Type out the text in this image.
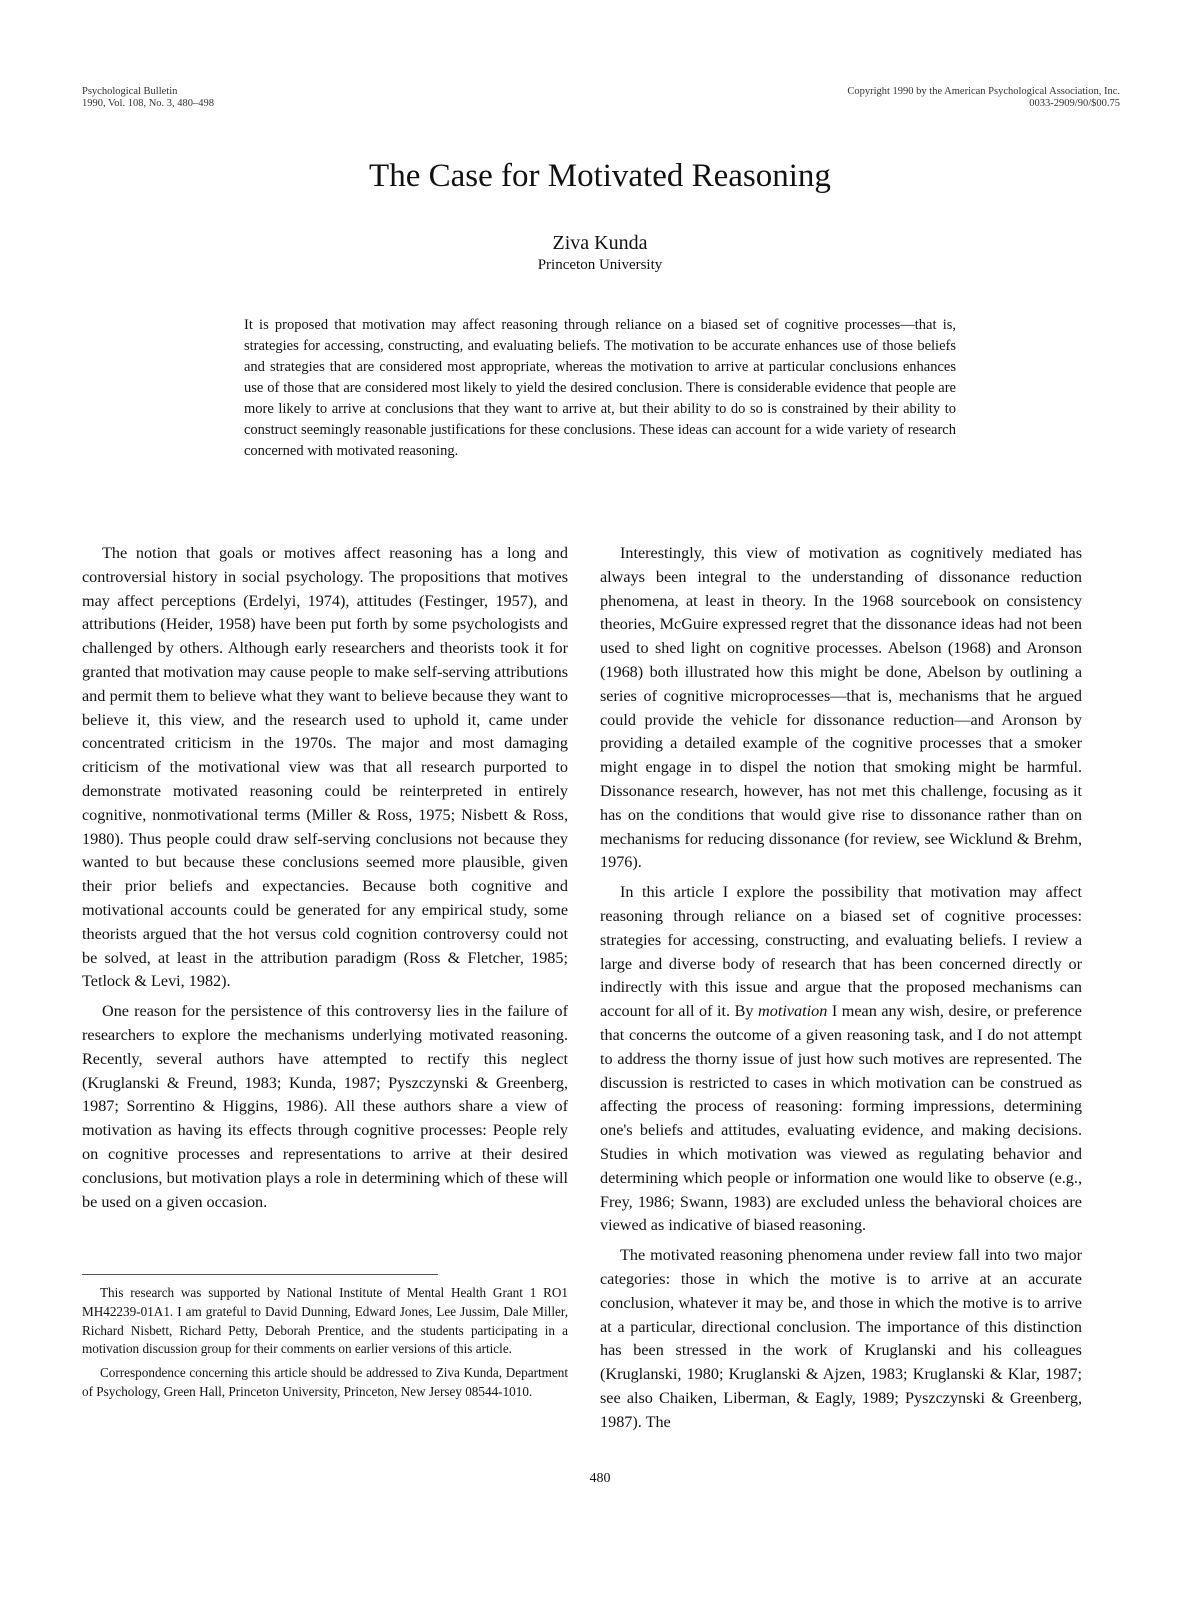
Psychological Bulletin
1990, Vol. 108, No. 3, 480–498
Copyright 1990 by the American Psychological Association, Inc.
0033-2909/90/$00.75
The Case for Motivated Reasoning
Ziva Kunda
Princeton University

It is proposed that motivation may affect reasoning through reliance on a biased set of cognitive processes—that is, strategies for accessing, constructing, and evaluating beliefs. The motivation to be accurate enhances use of those beliefs and strategies that are considered most appropriate, whereas the motivation to arrive at particular conclusions enhances use of those that are considered most likely to yield the desired conclusion. There is considerable evidence that people are more likely to arrive at conclusions that they want to arrive at, but their ability to do so is constrained by their ability to construct seemingly reasonable justifications for these conclusions. These ideas can account for a wide variety of research concerned with motivated reasoning.

The notion that goals or motives affect reasoning has a long and controversial history in social psychology. The propositions that motives may affect perceptions (Erdelyi, 1974), attitudes (Festinger, 1957), and attributions (Heider, 1958) have been put forth by some psychologists and challenged by others. Although early researchers and theorists took it for granted that motivation may cause people to make self-serving attributions and permit them to believe what they want to believe because they want to believe it, this view, and the research used to uphold it, came under concentrated criticism in the 1970s. The major and most damaging criticism of the motivational view was that all research purported to demonstrate motivated reasoning could be reinterpreted in entirely cognitive, nonmotivational terms (Miller & Ross, 1975; Nisbett & Ross, 1980). Thus people could draw self-serving conclusions not because they wanted to but because these conclusions seemed more plausible, given their prior beliefs and expectancies. Because both cognitive and motivational accounts could be generated for any empirical study, some theorists argued that the hot versus cold cognition controversy could not be solved, at least in the attribution paradigm (Ross & Fletcher, 1985; Tetlock & Levi, 1982).

One reason for the persistence of this controversy lies in the failure of researchers to explore the mechanisms underlying motivated reasoning. Recently, several authors have attempted to rectify this neglect (Kruglanski & Freund, 1983; Kunda, 1987; Pyszczynski & Greenberg, 1987; Sorrentino & Higgins, 1986). All these authors share a view of motivation as having its effects through cognitive processes: People rely on cognitive processes and representations to arrive at their desired conclusions, but motivation plays a role in determining which of these will be used on a given occasion.

Interestingly, this view of motivation as cognitively mediated has always been integral to the understanding of dissonance reduction phenomena, at least in theory. In the 1968 sourcebook on consistency theories, McGuire expressed regret that the dissonance ideas had not been used to shed light on cognitive processes. Abelson (1968) and Aronson (1968) both illustrated how this might be done, Abelson by outlining a series of cognitive microprocesses—that is, mechanisms that he argued could provide the vehicle for dissonance reduction—and Aronson by providing a detailed example of the cognitive processes that a smoker might engage in to dispel the notion that smoking might be harmful. Dissonance research, however, has not met this challenge, focusing as it has on the conditions that would give rise to dissonance rather than on mechanisms for reducing dissonance (for review, see Wicklund & Brehm, 1976).

In this article I explore the possibility that motivation may affect reasoning through reliance on a biased set of cognitive processes: strategies for accessing, constructing, and evaluating beliefs. I review a large and diverse body of research that has been concerned directly or indirectly with this issue and argue that the proposed mechanisms can account for all of it. By motivation I mean any wish, desire, or preference that concerns the outcome of a given reasoning task, and I do not attempt to address the thorny issue of just how such motives are represented. The discussion is restricted to cases in which motivation can be construed as affecting the process of reasoning: forming impressions, determining one's beliefs and attitudes, evaluating evidence, and making decisions. Studies in which motivation was viewed as regulating behavior and determining which people or information one would like to observe (e.g., Frey, 1986; Swann, 1983) are excluded unless the behavioral choices are viewed as indicative of biased reasoning.

The motivated reasoning phenomena under review fall into two major categories: those in which the motive is to arrive at an accurate conclusion, whatever it may be, and those in which the motive is to arrive at a particular, directional conclusion. The importance of this distinction has been stressed in the work of Kruglanski and his colleagues (Kruglanski, 1980; Kruglanski & Ajzen, 1983; Kruglanski & Klar, 1987; see also Chaiken, Liberman, & Eagly, 1989; Pyszczynski & Greenberg, 1987). The

This research was supported by National Institute of Mental Health Grant 1 RO1 MH42239-01A1. I am grateful to David Dunning, Edward Jones, Lee Jussim, Dale Miller, Richard Nisbett, Richard Petty, Deborah Prentice, and the students participating in a motivation discussion group for their comments on earlier versions of this article.

Correspondence concerning this article should be addressed to Ziva Kunda, Department of Psychology, Green Hall, Princeton University, Princeton, New Jersey 08544-1010.

480
